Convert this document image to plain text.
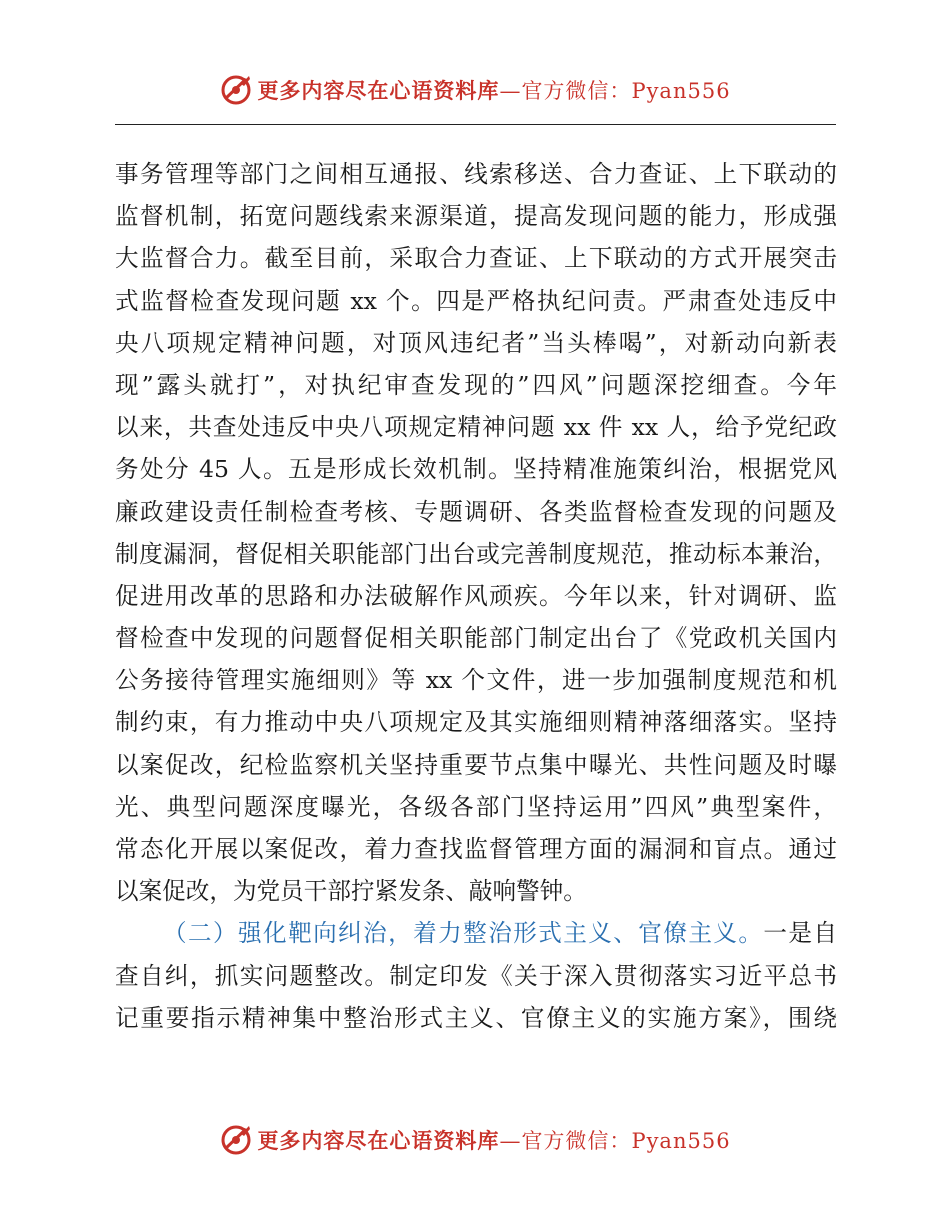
更多内容尽在心语资料库—官方微信：Pyan556
事务管理等部门之间相互通报、线索移送、合力查证、上下联动的
监督机制，拓宽问题线索来源渠道，提高发现问题的能力，形成强
大监督合力。截至目前，采取合力查证、上下联动的方式开展突击
式监督检查发现问题 xx 个。四是严格执纪问责。严肃查处违反中
央八项规定精神问题，对顶风违纪者”当头棒喝”，对新动向新表
现”露头就打”，对执纪审查发现的”四风”问题深挖细查。今年
以来，共查处违反中央八项规定精神问题 xx 件 xx 人，给予党纪政
务处分 45 人。五是形成长效机制。坚持精准施策纠治，根据党风
廉政建设责任制检查考核、专题调研、各类监督检查发现的问题及
制度漏洞，督促相关职能部门出台或完善制度规范，推动标本兼治，
促进用改革的思路和办法破解作风顽疾。今年以来，针对调研、监
督检查中发现的问题督促相关职能部门制定出台了《党政机关国内
公务接待管理实施细则》等 xx 个文件，进一步加强制度规范和机
制约束，有力推动中央八项规定及其实施细则精神落细落实。坚持
以案促改，纪检监察机关坚持重要节点集中曝光、共性问题及时曝
光、典型问题深度曝光，各级各部门坚持运用”四风”典型案件，
常态化开展以案促改，着力查找监督管理方面的漏洞和盲点。通过
以案促改，为党员干部拧紧发条、敲响警钟。
（二）强化靶向纠治，着力整治形式主义、官僚主义。一是自
查自纠，抓实问题整改。制定印发《关于深入贯彻落实习近平总书
记重要指示精神集中整治形式主义、官僚主义的实施方案》，围绕
更多内容尽在心语资料库—官方微信：Pyan556
